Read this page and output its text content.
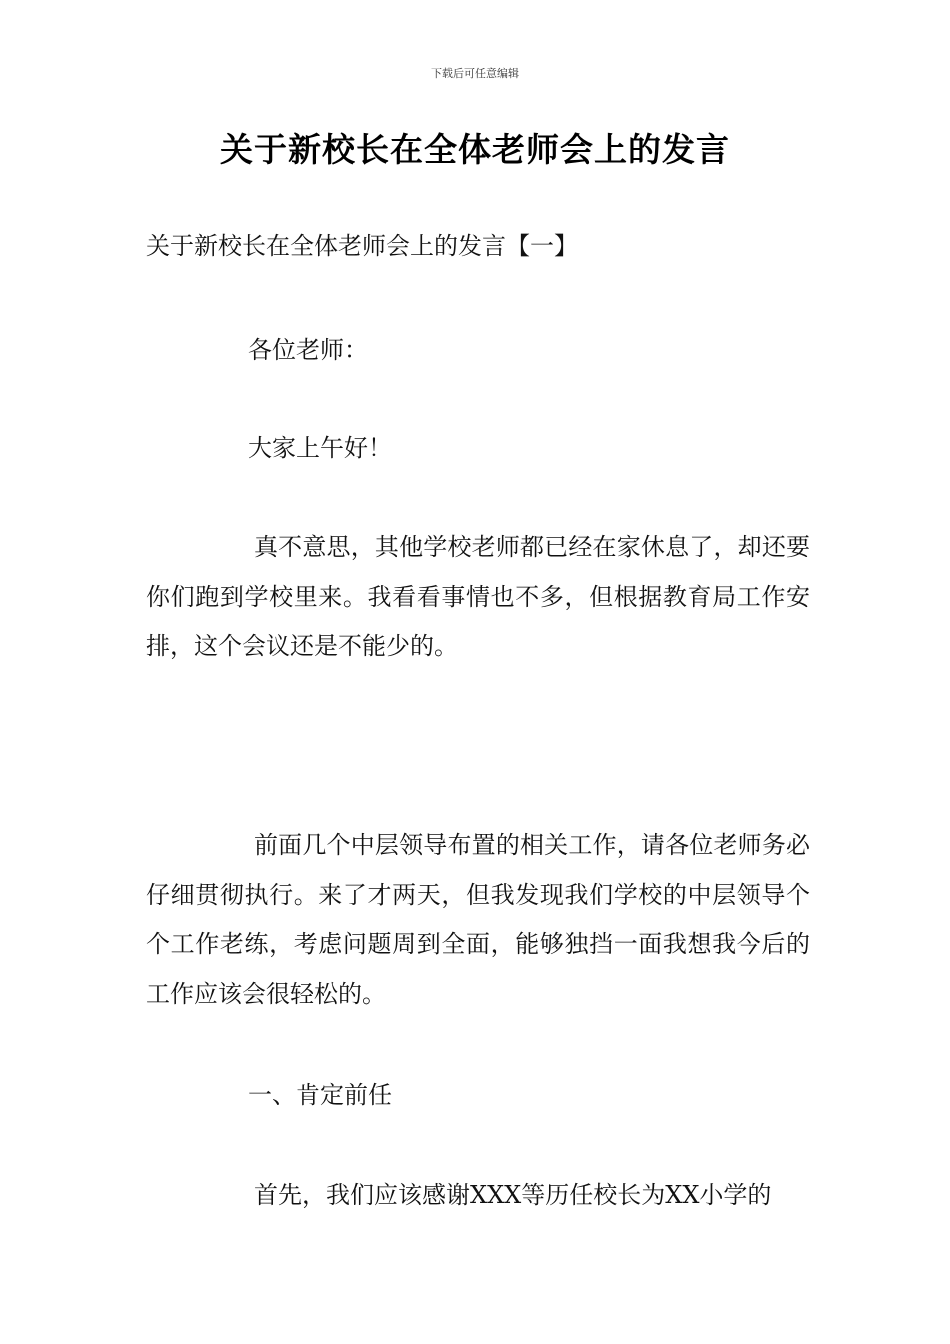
下载后可任意编辑
关于新校长在全体老师会上的发言
关于新校长在全体老师会上的发言【一】
各位老师：
大家上午好！
真不意思，其他学校老师都已经在家休息了，却还要你们跑到学校里来。我看看事情也不多，但根据教育局工作安排，这个会议还是不能少的。
前面几个中层领导布置的相关工作，请各位老师务必仔细贯彻执行。来了才两天，但我发现我们学校的中层领导个个工作老练，考虑问题周到全面，能够独挡一面我想我今后的工作应该会很轻松的。
一、肯定前任
首先，我们应该感谢XXX等历任校长为XX小学的
